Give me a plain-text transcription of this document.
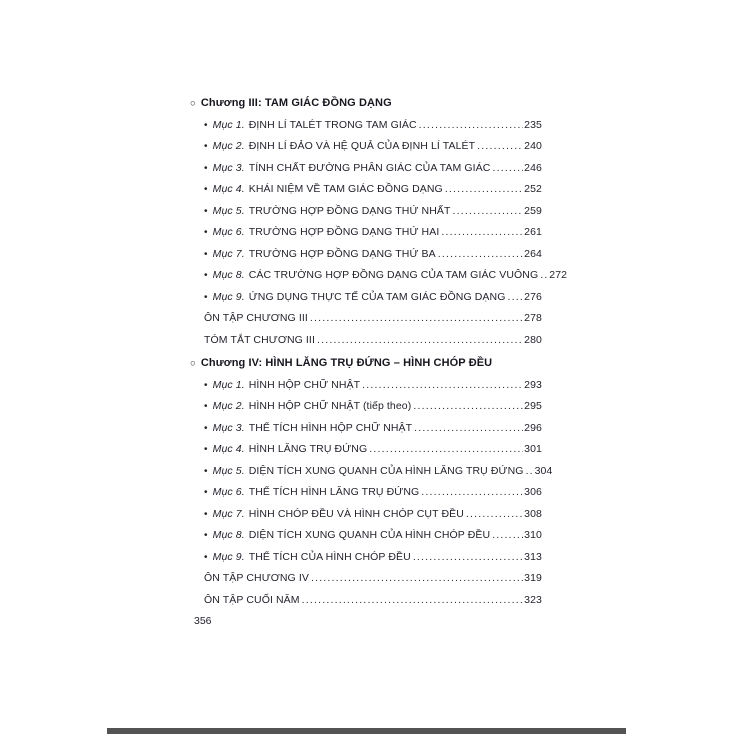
○ Chương III: TAM GIÁC ĐỒNG DẠNG
• Mục 1. ĐỊNH LÍ TALÉT TRONG TAM GIÁC .....	235
• Mục 2. ĐỊNH LÍ ĐẢO VÀ HỆ QUẢ CỦA ĐỊNH LÍ TALÉT .....	240
• Mục 3. TÍNH CHẤT ĐƯỜNG PHÂN GIÁC CỦA TAM GIÁC .....	246
• Mục 4. KHÁI NIỆM VỀ TAM GIÁC ĐỒNG DẠNG .....	252
• Mục 5. TRƯỜNG HỢP ĐỒNG DẠNG THỨ NHẤT .....	259
• Mục 6. TRƯỜNG HỢP ĐỒNG DẠNG THỨ HAI .....	261
• Mục 7. TRƯỜNG HỢP ĐỒNG DẠNG THỨ BA .....	264
• Mục 8. CÁC TRƯỜNG HỢP ĐỒNG DẠNG CỦA TAM GIÁC VUÔNG ..... 272
• Mục 9. ỨNG DỤNG THỰC TẾ CỦA TAM GIÁC ĐỒNG DẠNG ..... 276
ÔN TẬP CHƯƠNG III .....	278
TÓM TẮT CHƯƠNG III .....	280
○ Chương IV: HÌNH LĂNG TRỤ ĐỨNG – HÌNH CHÓP ĐỀU
• Mục 1. HÌNH HỘP CHỮ NHẬT .....	293
• Mục 2. HÌNH HỘP CHỮ NHẬT (tiếp theo) .....	295
• Mục 3. THỂ TÍCH HÌNH HỘP CHỮ NHẬT .....	296
• Mục 4. HÌNH LĂNG TRỤ ĐỨNG .....	301
• Mục 5. DIỆN TÍCH XUNG QUANH CỦA HÌNH LĂNG TRỤ ĐỨNG ..... 304
• Mục 6. THỂ TÍCH HÌNH LĂNG TRỤ ĐỨNG .....	306
• Mục 7. HÌNH CHÓP ĐỀU VÀ HÌNH CHÓP CỤT ĐỀU .....	308
• Mục 8. DIỆN TÍCH XUNG QUANH CỦA HÌNH CHÓP ĐỀU .....	310
• Mục 9. THỂ TÍCH CỦA HÌNH CHÓP ĐỀU .....	313
ÔN TẬP CHƯƠNG IV .....	319
ÔN TẬP CUỐI NĂM .....	323
356
